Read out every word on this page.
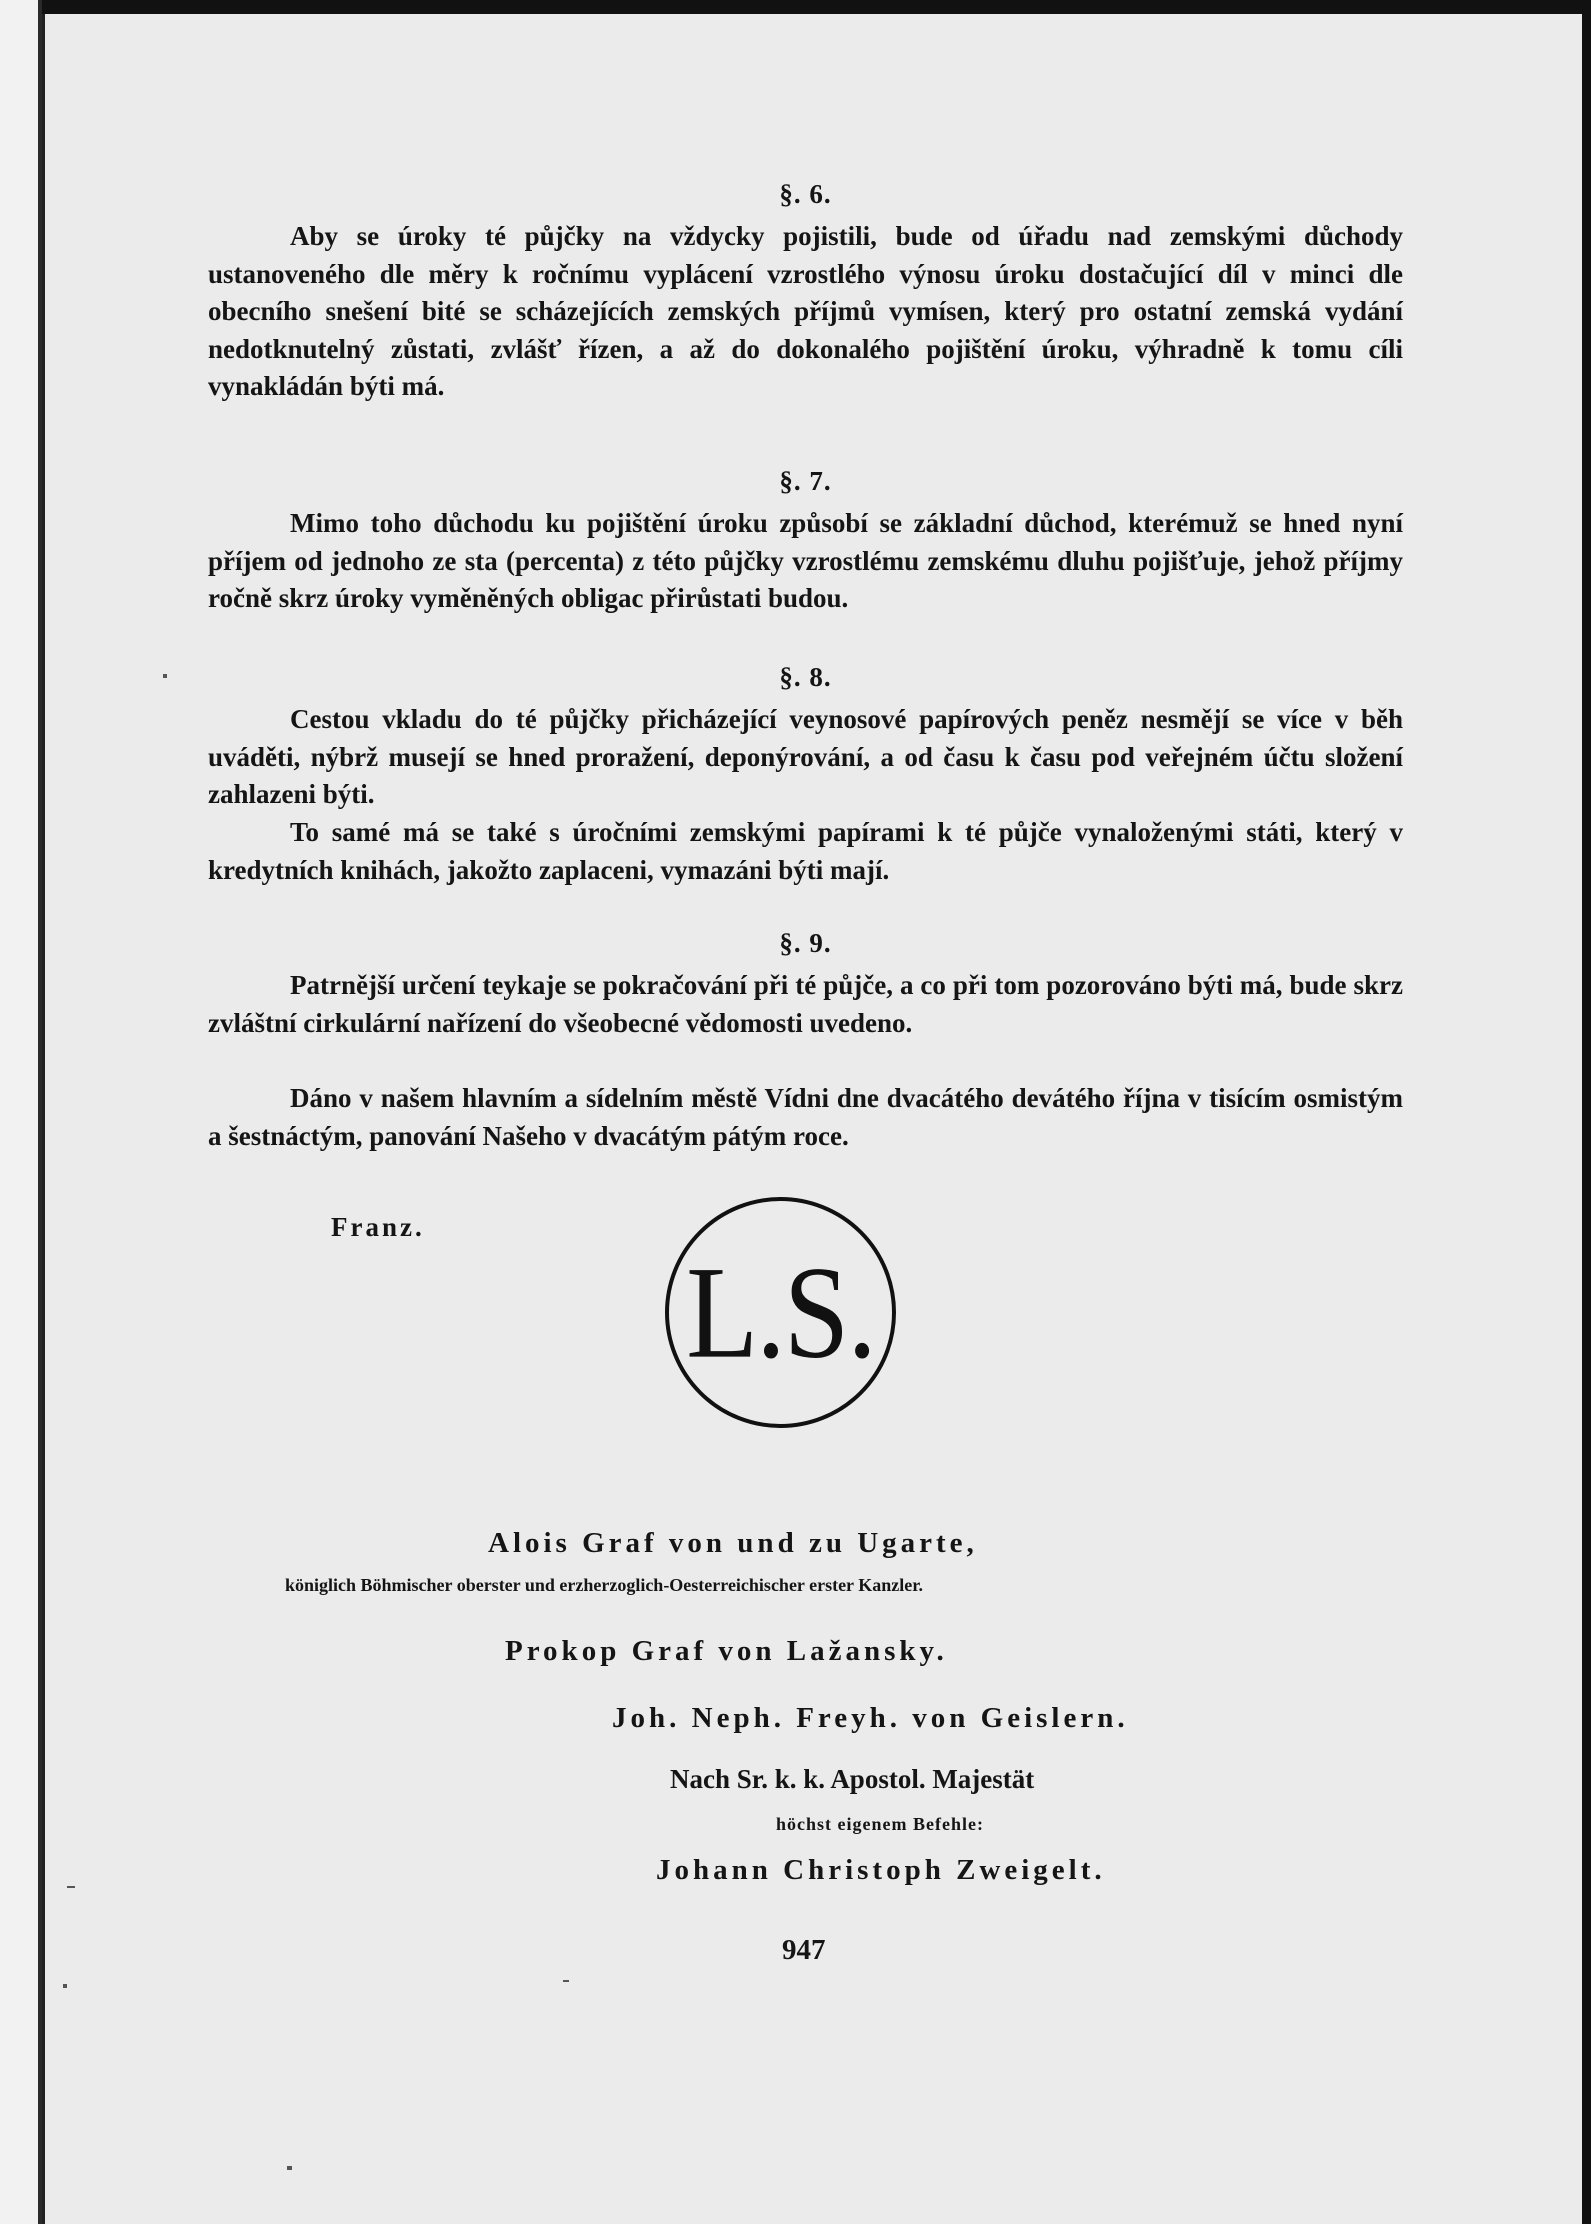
§. 6.
Aby se úroky té půjčky na vždycky pojistili, bude od úřadu nad zemskými důchody ustanoveného dle měry k ročnímu vyplácení vzrostlého výnosu úroku dostačující díl v minci dle obecního snešení bité se scházejících zemských příjmů vymísen, který pro ostatní zemská vydání nedotknutelný zůstati, zvlášť řízen, a až do dokonalého pojištění úroku, výhradně k tomu cíli vynakládán býti má.
§. 7.
Mimo toho důchodu ku pojištění úroku způsobí se základní důchod, kterémuž se hned nyní příjem od jednoho ze sta (percenta) z této půjčky vzrostlému zemskému dluhu pojišťuje, jehož příjmy ročně skrz úroky vyměněných obligac přirůstati budou.
§. 8.
Cestou vkladu do té půjčky přicházející veynosové papírových peněz nesmějí se více v běh uváděti, nýbrž musejí se hned proražení, deponýrování, a od času k času pod veřejném účtu složení zahlazeni býti.
To samé má se také s úročními zemskými papírami k té půjče vynaloženými státi, který v kredytních knihách, jakožto zaplaceni, vymazáni býti mají.
§. 9.
Patrnější určení teykaje se pokračování při té půjče, a co při tom pozorováno býti má, bude skrz zvláštní cirkulární nařízení do všeobecné vědomosti uvedeno.
Dáno v našem hlavním a sídelním městě Vídni dne dvacátého devátého října v tisícím osmistým a šestnáctým, panování Našeho v dvacátým pátým roce.
Franz.
L.S.
Alois Graf von und zu Ugarte,
königlich Böhmischer oberster und erzherzoglich-Oesterreichischer erster Kanzler.
Prokop Graf von Lažansky.
Joh. Neph. Freyh. von Geislern.
Nach Sr. k. k. Apostol. Majestät
höchst eigenem Befehle:
Johann Christoph Zweigelt.
947
